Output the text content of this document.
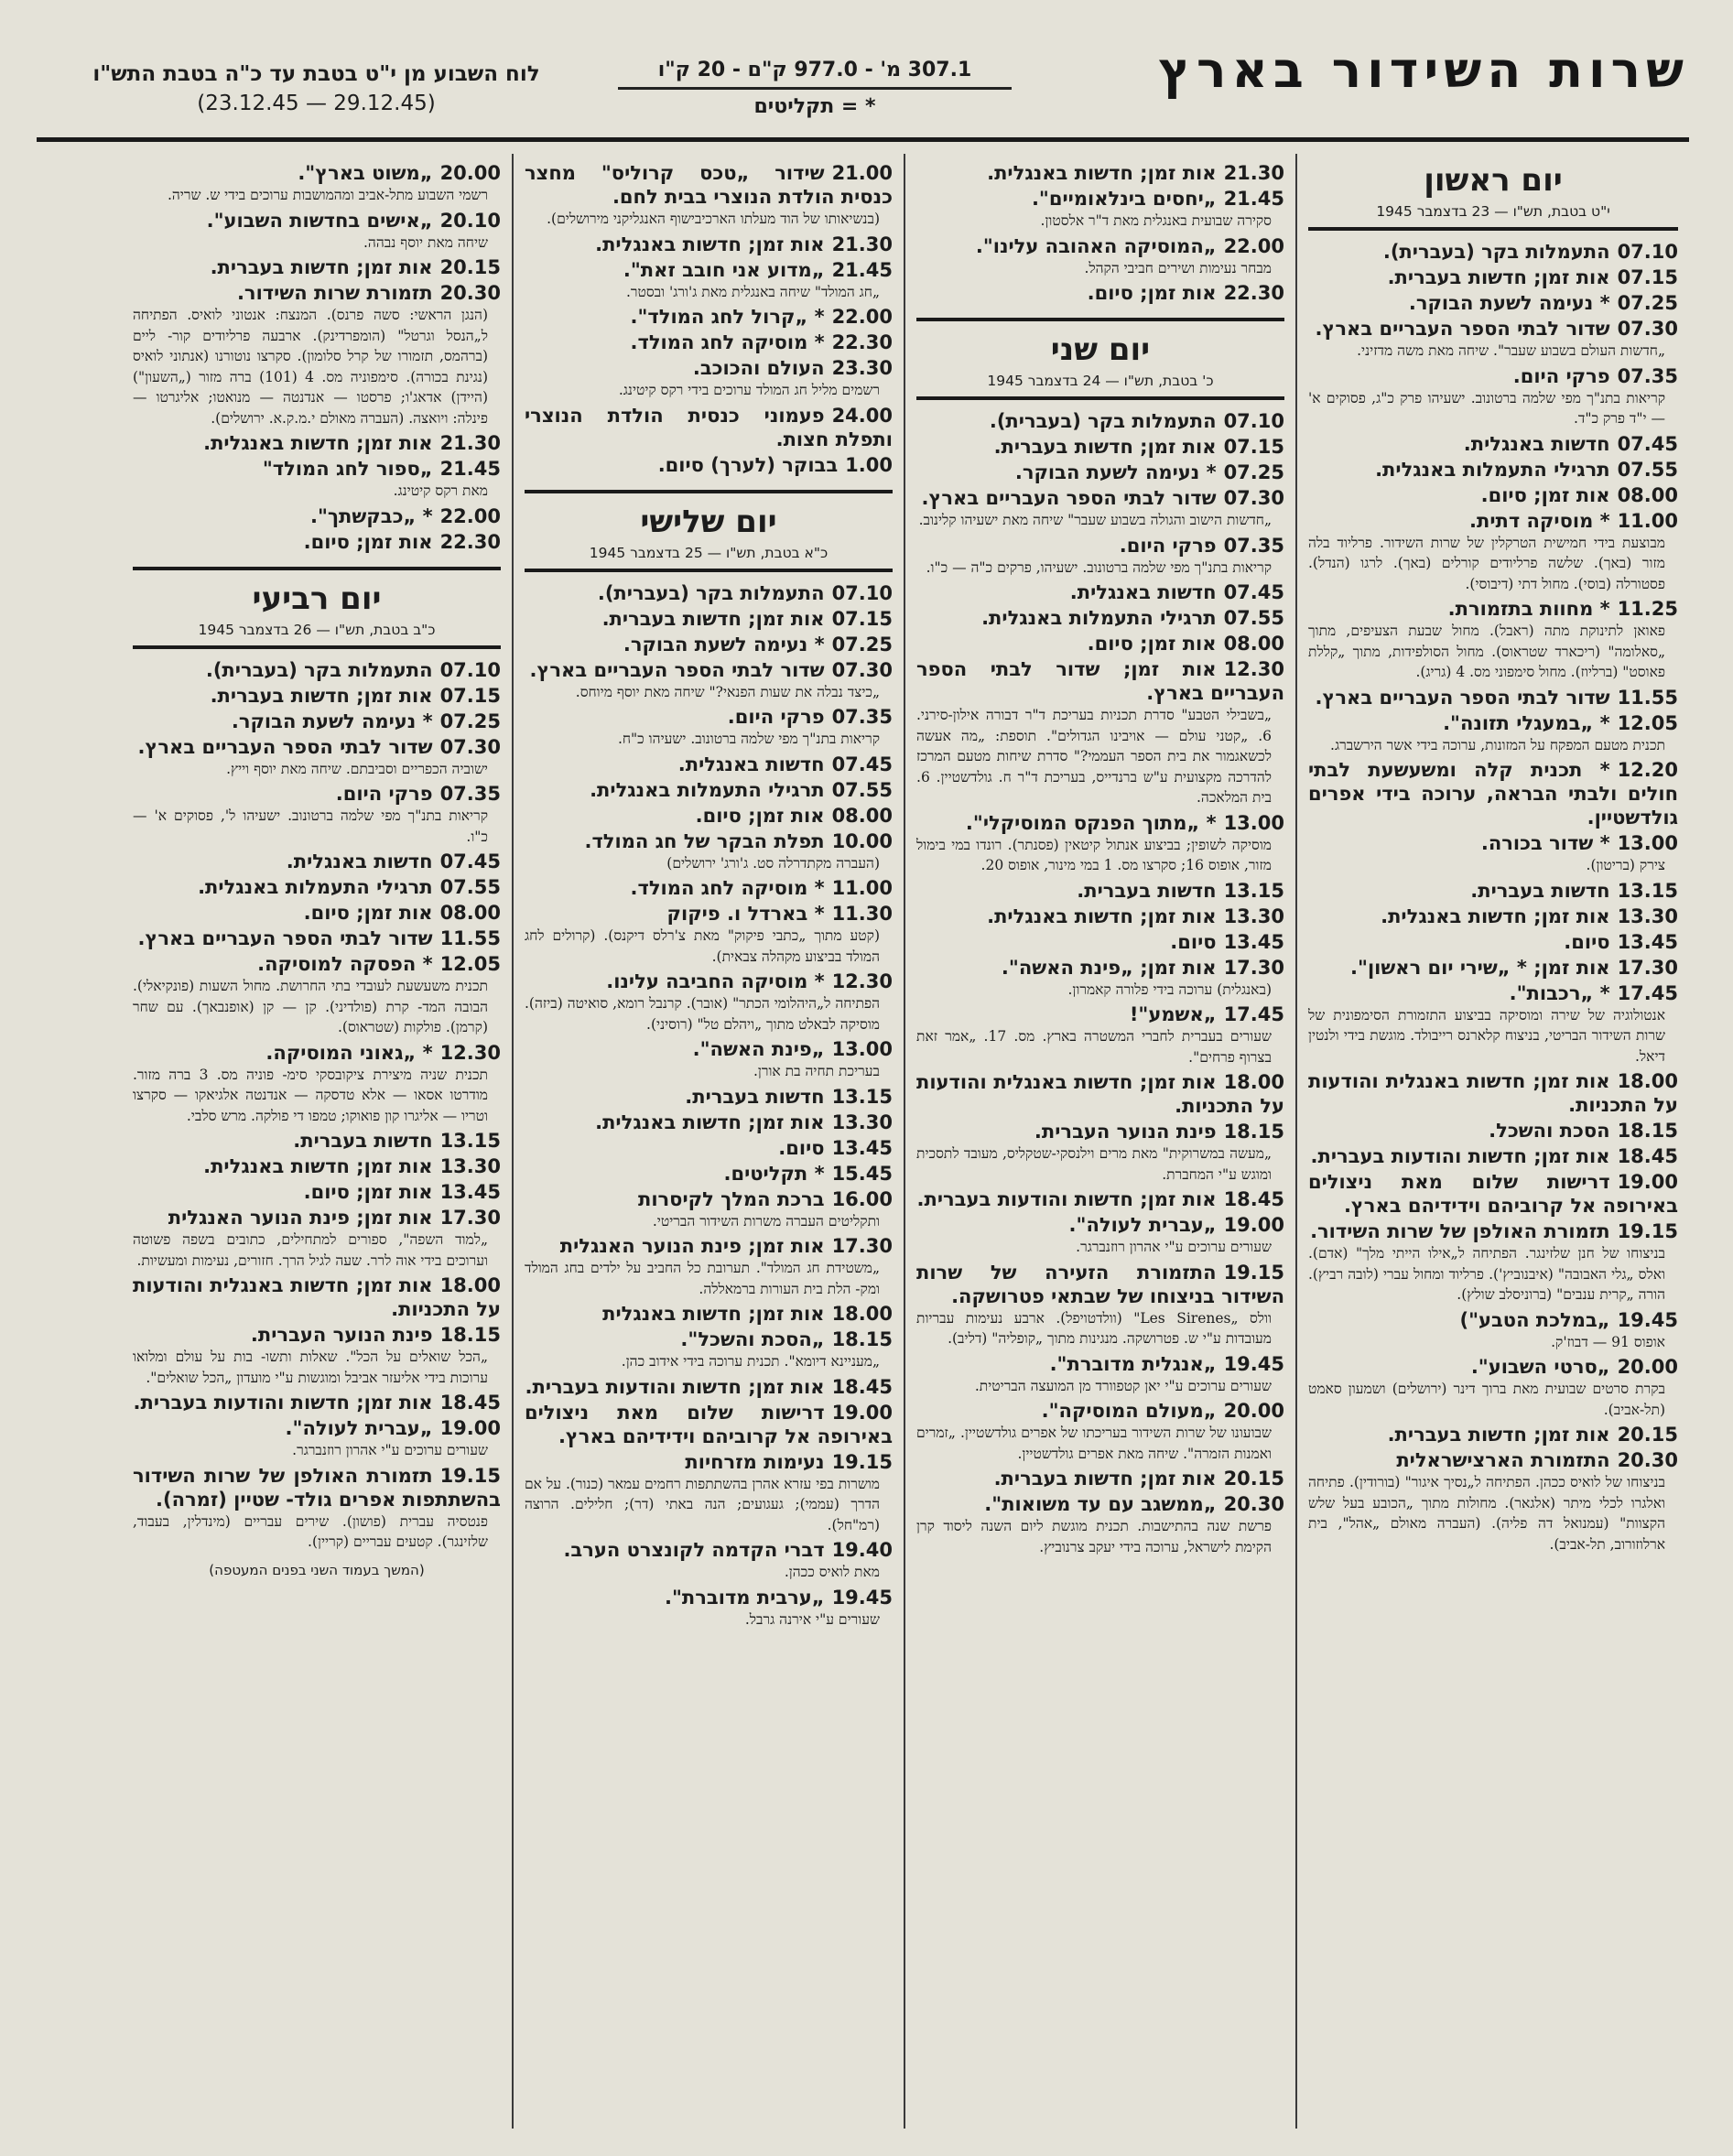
שרות השידור בארץ
307.1 מ' - 977.0 ק"ם - 20 ק"ו
* = תקליטים
לוח השבוע מן י"ט בטבת עד כ"ה בטבת התש"ו
(23.12.45 — 29.12.45)
יום ראשון
י"ט בטבת, תש"ו — 23 בדצמבר 1945
07.10התעמלות בקר (בעברית).
07.15אות זמן; חדשות בעברית.
07.25* נעימה לשעת הבוקר.
07.30שדור לבתי הספר העבריים בארץ.
„חדשות העולם בשבוע שעבר". שיחה מאת משה מדזיני.
07.35פרקי היום.
קריאות בתנ"ך מפי שלמה ברטונוב. ישעיהו פרק כ"ג, פסוקים א' — י"ד פרק כ"ד.
07.45חדשות באנגלית.
07.55תרגילי התעמלות באנגלית.
08.00אות זמן; סיום.
11.00* מוסיקה דתית.
מבוצעת בידי חמישית הטרקלין של שרות השידור. פרליוד בלה מזור (באך). שלשה פרליודים קורלים (באך). לרגו (הנדל). פסטורלה (בוסי). מחול דתי (דיבוסי).
11.25* מחוות בתזמורת.
פאואן לתינוקת מתה (ראבל). מחול שבעת הצעיפים, מתוך „סאלומה" (ריכארד שטראוס). מחול הסולפידות, מתוך „קללת פאוסט" (ברליוז). מחול סימפוני מס. 4 (גריג).
11.55שדור לבתי הספר העבריים בארץ.
12.05* „במעגלי תזונה".
תכנית מטעם המפקח על המזונות, ערוכה בידי אשר הירשברג.
12.20* תכנית קלה ומשעשעת לבתי חולים ולבתי הבראה, ערוכה בידי אפרים גולדשטיין.
13.00* שדור בכורה.
צירק (בריטון).
13.15חדשות בעברית.
13.30אות זמן; חדשות באנגלית.
13.45סיום.
17.30אות זמן; * „שירי יום ראשון".
17.45* „רכבות".
אנטולוגיה של שירה ומוסיקה בביצוע התזמורת הסימפונית של שרות השידור הבריטי, בניצוח קלארנס רייבולד. מוגשת בידי ולנטין דיאל.
18.00אות זמן; חדשות באנגלית והודעות על התכניות.
18.15הסכת והשכל.
18.45אות זמן; חדשות והודעות בעברית.
19.00דרישות שלום מאת ניצולים באירופה אל קרוביהם וידידיהם בארץ.
19.15תזמורת האולפן של שרות השידור.
בניצוחו של חנן שלזינגר. הפתיחה ל„אילו הייתי מלך" (אדם). ואלס „גלי האבובה" (איבנוביץ'). פרליוד ומחול עברי (לובה רביץ). הורה „קרית ענבים" (ברוניסלב שולץ).
19.45„במלכת הטבע")
אופוס 91 — דבוז'ק.
20.00„סרטי השבוע".
בקרת סרטים שבועית מאת ברוך דינר (ירושלים) ושמעון סאמט (תל-אביב).
20.15אות זמן; חדשות בעברית.
20.30התזמורת הארצישראלית
בניצוחו של לואיס ככהן. הפתיחה ל„נסיך איגור" (בורודין). פתיחה ואלגרו לכלי מיתר (אלגאר). מחולות מתוך „הכובע בעל שלש הקצוות" (עמנואל דה פליה). (העברה מאולם „אהל", בית ארלוזורוב, תל-אביב).
21.30אות זמן; חדשות באנגלית.
21.45„יחסים בינלאומיים".
סקירה שבועית באנגלית מאת ד"ר אלסטון.
22.00„המוסיקה האהובה עלינו".
מבחר נעימות ושירים חביבי הקהל.
22.30אות זמן; סיום.
יום שני
כ' בטבת, תש"ו — 24 בדצמבר 1945
07.10התעמלות בקר (בעברית).
07.15אות זמן; חדשות בעברית.
07.25* נעימה לשעת הבוקר.
07.30שדור לבתי הספר העבריים בארץ.
„חדשות הישוב והגולה בשבוע שעבר" שיחה מאת ישעיהו קלינוב.
07.35פרקי היום.
קריאות בתנ"ך מפי שלמה ברטונוב. ישעיהו, פרקים כ"ה — כ"ו.
07.45חדשות באנגלית.
07.55תרגילי התעמלות באנגלית.
08.00אות זמן; סיום.
12.30אות זמן; שדור לבתי הספר העבריים בארץ.
„בשבילי הטבע" סדרת תכניות בעריכת ד"ר דבורה אילון-סירני. 6. „קטני עולם — אויבינו הגדולים". תוספת: „מה אעשה לכשאגמור את בית הספר העממי?" סדרת שיחות מטעם המרכז להדרכה מקצועית ע"ש ברנדייס, בעריכת ד"ר ח. גולדשטיין. 6. בית המלאכה.
13.00* „מתוך הפנקס המוסיקלי".
מוסיקה לשופין; בביצוע אנתול קיטאין (פסנתר). רונדו במי בימול מזור, אופוס 16; סקרצו מס. 1 במי מינור, אופוס 20.
13.15חדשות בעברית.
13.30אות זמן; חדשות באנגלית.
13.45סיום.
17.30אות זמן; „פינת האשה".
(באנגלית) ערוכה בידי פלורה קאמרון.
17.45„אשמע"!
שעורים בעברית לחברי המשטרה בארץ. מס. 17. „אמר זאת בצרוף פרחים".
18.00אות זמן; חדשות באנגלית והודעות על התכניות.
18.15פינת הנוער העברית.
„מעשה במשרוקית" מאת מרים וילנסקי-שטקליס, מעובד לתסכית ומוגש ע"י המחברת.
18.45אות זמן; חדשות והודעות בעברית.
19.00„עברית לעולה".
שעורים ערוכים ע"י אהרון רוזנברגר.
19.15התזמורת הזעירה של שרות השידור בניצוחו של שבתאי פטרושקה.
וולס „Les Sirenes" (וולדטויפל). ארבע נעימות עבריות מעובדות ע"י ש. פטרושקה. מנגינות מתוך „קופליה" (דליב).
19.45„אנגלית מדוברת".
שעורים ערוכים ע"י יאן קטפוורד מן המועצה הבריטית.
20.00„מעולם המוסיקה".
שבועונו של שרות השידור בעריכתו של אפרים גולדשטיין. „זמרים ואמנות הזמרה". שיחה מאת אפרים גולדשטיין.
20.15אות זמן; חדשות בעברית.
20.30„ממשגב עם עד משואות".
פרשת שנה בהתישבות. תכנית מוגשת ליום השנה ליסוד קרן הקימת לישראל, ערוכה בידי יעקב צרנוביץ.
21.00שידור „טכס קרוליס" מחצר כנסית הולדת הנוצרי בבית לחם.
(בנשיאותו של הוד מעלתו הארכיבישוף האנגליקני מירושלים).
21.30אות זמן; חדשות באנגלית.
21.45„מדוע אני חובב זאת".
„חג המולד" שיחה באנגלית מאת ג'ורג' ובסטר.
22.00* „קרול לחג המולד".
22.30* מוסיקה לחג המולד.
23.30העולם והכוכב.
רשמים מליל חג המולד ערוכים בידי רקס קיטינג.
24.00פעמוני כנסית הולדת הנוצרי ותפלת חצות.
1.00בבוקר (לערך) סיום.
יום שלישי
כ"א בטבת, תש"ו — 25 בדצמבר 1945
07.10התעמלות בקר (בעברית).
07.15אות זמן; חדשות בעברית.
07.25* נעימה לשעת הבוקר.
07.30שדור לבתי הספר העבריים בארץ.
„כיצד נבלה את שעות הפנאי?" שיחה מאת יוסף מיוחס.
07.35פרקי היום.
קריאות בתנ"ך מפי שלמה ברטונוב. ישעיהו כ"ח.
07.45חדשות באנגלית.
07.55תרגילי התעמלות באנגלית.
08.00אות זמן; סיום.
10.00תפלת הבקר של חג המולד.
(העברה מקתדרלה סט. ג'ורג' ירושלים)
11.00* מוסיקה לחג המולד.
11.30* בארדל ו. פיקוק
(קטע מתוך „כתבי פיקוק" מאת צ'רלס דיקנס). (קרולים לחג המולד בביצוע מקהלה צבאית).
12.30* מוסיקה החביבה עלינו.
הפתיחה ל„היהלומי הכתר" (אובר). קרנבל רומא, סואיטה (ביזה). מוסיקה לבאלט מתוך „ויהלם טל" (רוסיני).
13.00„פינת האשה".
בעריכת תחיה בת אורן.
13.15חדשות בעברית.
13.30אות זמן; חדשות באנגלית.
13.45סיום.
15.45* תקליטים.
16.00ברכת המלך לקיסרות
ותקליטים העברה משרות השידור הבריטי.
17.30אות זמן; פינת הנוער האנגלית
„משטידת חג המולד". תערובת כל החביב על ילדים בחג המולד ומק- הלת בית העורות ברמאללה.
18.00אות זמן; חדשות באנגלית
18.15„הסכת והשכל".
„מעניינא דיומא". תכנית ערוכה בידי אידוב כהן.
18.45אות זמן; חדשות והודעות בעברית.
19.00דרישות שלום מאת ניצולים באירופה אל קרוביהם וידידיהם בארץ.
19.15נעימות מזרחיות
מושרות בפי עזרא אהרן בהשתתפות רחמים עמאר (כנור). על אם הדרך (עממי); געגועים; הנה באתי (דר); חלילים. הרוצה (רמ"חל).
19.40דברי הקדמה לקונצרט הערב.
מאת לואיס ככהן.
19.45„ערבית מדוברת".
שעורים ע"י אירנה גרבל.
20.00„משוט בארץ".
רשמי השבוע מתל-אביב ומהמושבות ערוכים בידי ש. שריה.
20.10„אישים בחדשות השבוע".
שיחה מאת יוסף נבהה.
20.15אות זמן; חדשות בעברית.
20.30תזמורת שרות השידור.
(הנגן הראשי: סשה פרנס). המנצח: אנטוני לואיס. הפתיחה ל„הנסל וגרטל" (הומפרדינק). ארבעה פרליודים קור- ליים (ברהמס, תזמורו של קרל סלומון). סקרצו נוטורנו (אנתוני לואיס (נגינת בכורה). סימפוניה מס. 4 (101) ברה מזור („השעון") (היידן) אדאג'ו; פרסטו — אנדנטה — מנואטו; אליגרטו — פינלה: ויואצה. (העברה מאולם י.מ.ק.א. ירושלים).
21.30אות זמן; חדשות באנגלית.
21.45„ספור לחג המולד"
מאת רקס קיטינג.
22.00* „כבקשתך".
22.30אות זמן; סיום.
יום רביעי
כ"ב בטבת, תש"ו — 26 בדצמבר 1945
07.10התעמלות בקר (בעברית).
07.15אות זמן; חדשות בעברית.
07.25* נעימה לשעת הבוקר.
07.30שדור לבתי הספר העבריים בארץ.
ישוביה הכפריים וסביבתם. שיחה מאת יוסף וייץ.
07.35פרקי היום.
קריאות בתנ"ך מפי שלמה ברטונוב. ישעיהו ל', פסוקים א' — כ"ו.
07.45חדשות באנגלית.
07.55תרגילי התעמלות באנגלית.
08.00אות זמן; סיום.
11.55שדור לבתי הספר העבריים בארץ.
12.05* הפסקה למוסיקה.
תכנית משעשעת לעובדי בתי החרושת. מחול השעות (פונקיאלי). הבובה המד- קרת (פולדיני). קן — קן (אופנבאך). עם שחר (קרמן). פולקות (שטראוס).
12.30* „גאוני המוסיקה.
תכנית שניה מיצירת ציקובסקי סימ- פוניה מס. 3 ברה מזור. מודרטו אסאו — אלא טדסקה — אנדנטה אלגיאקו — סקרצו וטריו — אליגרו קון פואוקו; טמפו די פולקה. מרש סלבי.
13.15חדשות בעברית.
13.30אות זמן; חדשות באנגלית.
13.45אות זמן; סיום.
17.30אות זמן; פינת הנוער האנגלית
„למוד השפה", ספורים למתחילים, כתובים בשפה פשוטה וערוכים בידי אוה לרר. שעה לגיל הרך. חזורים, נעימות ומעשיות.
18.00אות זמן; חדשות באנגלית והודעות על התכניות.
18.15פינת הנוער העברית.
„הכל שואלים על הכל". שאלות ותשו- בות על עולם ומלואו ערוכות בידי אליעזר אביבל ומוגשות ע"י מועדון „הכל שואלים".
18.45אות זמן; חדשות והודעות בעברית.
19.00„עברית לעולה".
שעורים ערוכים ע"י אהרון רוזנברגר.
19.15תזמורת האולפן של שרות השידור בהשתתפות אפרים גולד- שטיין (זמרה).
פנטסיה עברית (פושון). שירים עבריים (מינדלין, בעבוד, שלזינגר). קטעים עבריים (קריין).
(המשך בעמוד השני בפנים המעטפה)
